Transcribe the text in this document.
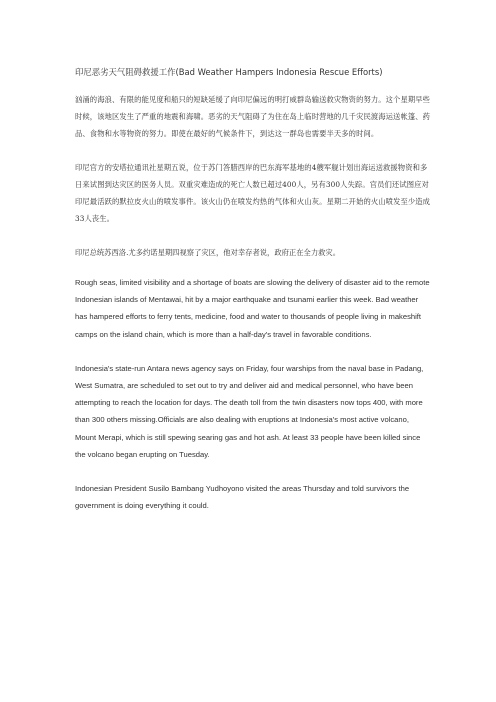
印尼恶劣天气阻碍救援工作(Bad Weather Hampers Indonesia Rescue Efforts)
汹涌的海浪、有限的能见度和船只的短缺延缓了向印尼偏远的明打威群岛输送救灾物资的努力。这个星期早些时候，该地区发生了严重的地震和海啸。恶劣的天气阻碍了为住在岛上临时营地的几千灾民渡海运送帐篷、药品、食物和水等物资的努力。即使在最好的气候条件下，到达这一群岛也需要半天多的时间。
印尼官方的安塔拉通讯社星期五说，位于苏门答腊西岸的巴东海军基地的4艘军舰计划出海运送救援物资和多日来试图到达灾区的医务人员。双重灾难造成的死亡人数已超过400人，另有300人失踪。官员们还试图应对印尼最活跃的默拉皮火山的喷发事件。该火山仍在喷发灼热的气体和火山灰。星期二开始的火山喷发至少造成33人丧生。
印尼总统苏西洛.尤多约诺星期四视察了灾区，他对幸存者说，政府正在全力救灾。
Rough seas, limited visibility and a shortage of boats are slowing the delivery of disaster aid to the remote Indonesian islands of Mentawai, hit by a major earthquake and tsunami earlier this week. Bad weather has hampered efforts to ferry tents, medicine, food and water to thousands of people living in makeshift camps on the island chain, which is more than a half-day's travel in favorable conditions.
Indonesia's state-run Antara news agency says on Friday, four warships from the naval base in Padang, West Sumatra, are scheduled to set out to try and deliver aid and medical personnel, who have been attempting to reach the location for days. The death toll from the twin disasters now tops 400, with more than 300 others missing.Officials are also dealing with eruptions at Indonesia's most active volcano, Mount Merapi, which is still spewing searing gas and hot ash. At least 33 people have been killed since the volcano began erupting on Tuesday.
Indonesian President Susilo Bambang Yudhoyono visited the areas Thursday and told survivors the government is doing everything it could.
